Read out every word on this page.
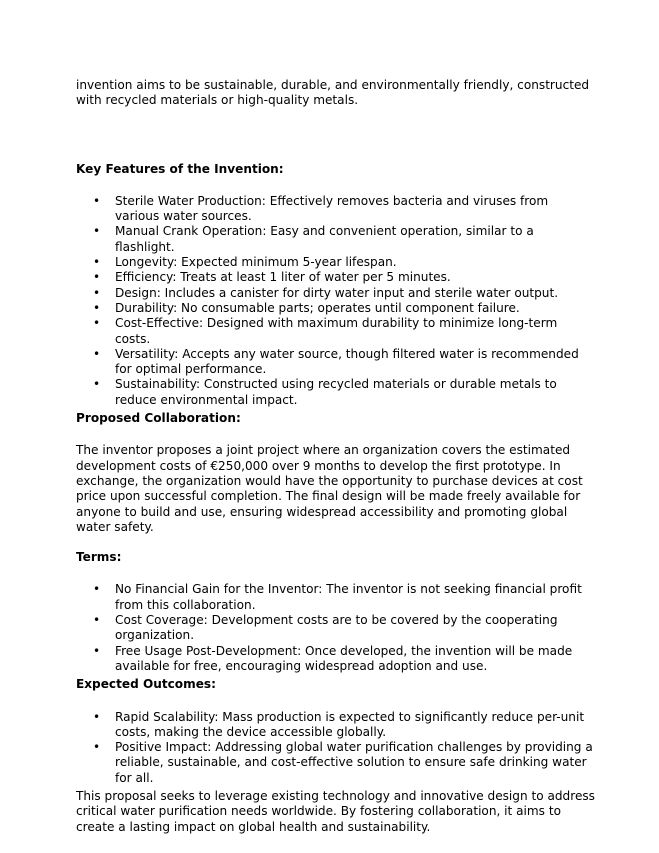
invention aims to be sustainable, durable, and environmentally friendly, constructed with recycled materials or high-quality metals.

Key Features of the Invention:
• Sterile Water Production: Effectively removes bacteria and viruses from various water sources.
• Manual Crank Operation: Easy and convenient operation, similar to a flashlight.
• Longevity: Expected minimum 5-year lifespan.
• Efficiency: Treats at least 1 liter of water per 5 minutes.
• Design: Includes a canister for dirty water input and sterile water output.
• Durability: No consumable parts; operates until component failure.
• Cost-Effective: Designed with maximum durability to minimize long-term costs.
• Versatility: Accepts any water source, though filtered water is recommended for optimal performance.
• Sustainability: Constructed using recycled materials or durable metals to reduce environmental impact.
Proposed Collaboration:

The inventor proposes a joint project where an organization covers the estimated development costs of €250,000 over 9 months to develop the first prototype. In exchange, the organization would have the opportunity to purchase devices at cost price upon successful completion. The final design will be made freely available for anyone to build and use, ensuring widespread accessibility and promoting global water safety.

Terms:
• No Financial Gain for the Inventor: The inventor is not seeking financial profit from this collaboration.
• Cost Coverage: Development costs are to be covered by the cooperating organization.
• Free Usage Post-Development: Once developed, the invention will be made available for free, encouraging widespread adoption and use.
Expected Outcomes:
• Rapid Scalability: Mass production is expected to significantly reduce per-unit costs, making the device accessible globally.
• Positive Impact: Addressing global water purification challenges by providing a reliable, sustainable, and cost-effective solution to ensure safe drinking water for all.

This proposal seeks to leverage existing technology and innovative design to address critical water purification needs worldwide. By fostering collaboration, it aims to create a lasting impact on global health and sustainability.
